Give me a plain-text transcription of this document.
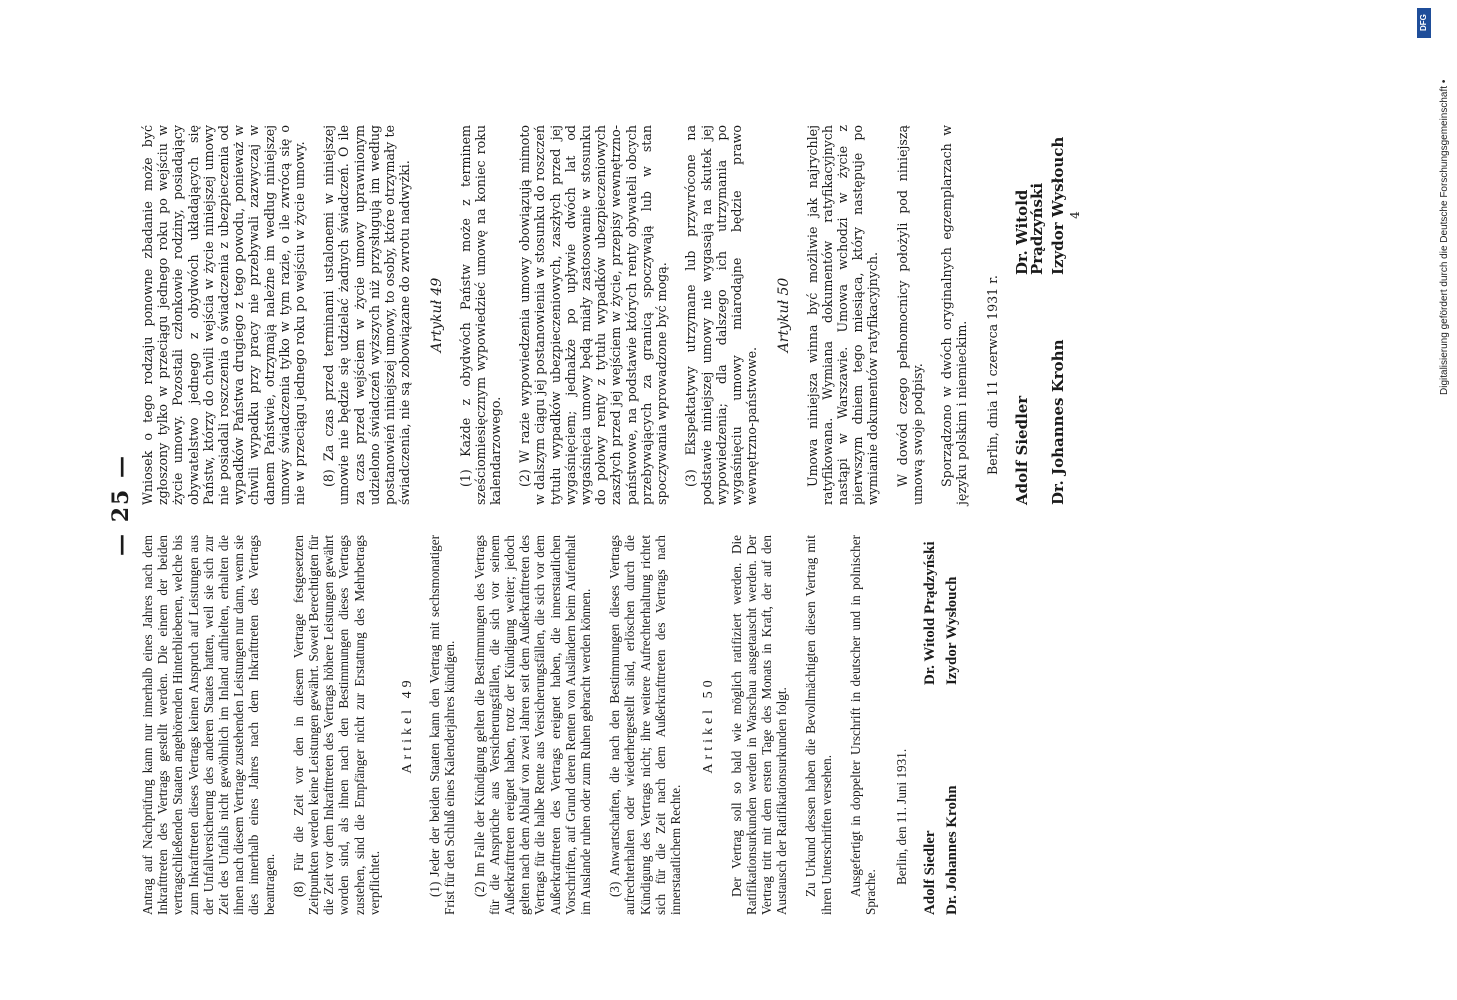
— 25 —

Antrag auf Nachprüfung kann nur innerhalb eines Jahres nach dem Inkrafttreten des Vertrags gestellt werden. Die einem der beiden vertragschließenden Staaten angehörenden Hinterbliebenen, welche bis zum Inkrafttreten dieses Vertrags keinen Anspruch auf Leistungen aus der Unfallversicherung des anderen Staates hatten, weil sie sich zur Zeit des Unfalls nicht gewöhnlich im Inland aufhielten, erhalten die ihnen nach diesem Vertrage zustehenden Leistungen nur dann, wenn sie dies innerhalb eines Jahres nach dem Inkrafttreten des Vertrags beantragen. (8) Für die Zeit vor den in diesem Vertrage festgesetzten Zeitpunkten werden keine Leistungen gewährt. Soweit Berechtigten für die Zeit vor dem Inkrafttreten des Vertrags höhere Leistungen gewährt worden sind, als ihnen nach den Bestimmungen dieses Vertrags zustehen, sind die Empfänger nicht zur Erstattung des Mehrbetrags verpflichtet.

Artikel 49 (1) Jeder der beiden Staaten kann den Vertrag mit sechsmonatiger Frist für den Schluß eines Kalenderjahres kündigen. (2) Im Falle der Kündigung gelten die Bestimmungen des Vertrags für die Ansprüche aus Versicherungsfällen, die sich vor seinem Außerkrafttreten ereignet haben, trotz der Kündigung weiter; jedoch gelten nach dem Ablauf von zwei Jahren seit dem Außerkrafttreten des Vertrags für die halbe Rente aus Versicherungsfällen, die sich vor dem Außerkrafttreten des Vertrags ereignet haben, die innerstaatlichen Vorschriften, auf Grund deren Renten von Ausländern beim Aufenthalt im Auslande ruhen oder zum Ruhen gebracht werden können. (3) Anwartschaften, die nach den Bestimmungen dieses Vertrags aufrechterhalten oder wiederhergestellt sind, erlöschen durch die Kündigung des Vertrags nicht; ihre weitere Aufrechterhaltung richtet sich für die Zeit nach dem Außerkrafttreten des Vertrags nach innerstaatlichem Rechte.

Artikel 50 Der Vertrag soll so bald wie möglich ratifiziert werden. Die Ratifikationsurkunden werden in Warschau ausgetauscht werden. Der Vertrag tritt mit dem ersten Tage des Monats in Kraft, der auf den Austausch der Ratifikationsurkunden folgt. Zu Urkund dessen haben die Bevollmächtigten diesen Vertrag mit ihren Unterschriften versehen. Ausgefertigt in doppelter Urschrift in deutscher und in polnischer Sprache.

Berlin, den 11. Juni 1931. Adolf Siedler
Dr. Witold Prądzyński
Dr. Johannes Krohn
Izydor Wysłouch

Wniosek o tego rodzaju ponowne zbadanie może być zgłoszony tylko w przeciągu jednego roku po wejściu w życie umowy. Pozostali członkowie rodziny, posiadający obywatelstwo jednego z obydwóch układających się Państw, którzy do chwili wejścia w życie niniejszej umowy nie posiadali roszczenia o świadczenia z ubezpieczenia od wypadków Państwa drugiego z tego powodu, ponieważ w chwili wypadku przy pracy nie przebywali zazwyczaj w danem Państwie, otrzymają należne im według niniejszej umowy świadczenia tylko w tym razie, o ile zwrócą się o nie w przeciągu jednego roku po wejściu w życie umowy. (8) Za czas przed terminami ustalonemi w niniejszej umowie nie będzie się udzielać żadnych świadczeń. O ile za czas przed wejściem w życie umowy uprawnionym udzielono świadczeń wyższych niż przysługują im według postanowień niniejszej umowy, to osoby, które otrzymały te świadczenia, nie są zobowiązane do zwrotu nadwyżki. Artykuł 49 (1) Każde z obydwóch Państw może z terminem sześciomiesięcznym wypowiedzieć umowę na koniec roku kalendarzowego. (2) W razie wypowiedzenia umowy obowiązują mimoto w dalszym ciągu jej postanowienia w stosunku do roszczeń tytułu wypadków ubezpieczeniowych, zaszłych przed jej wygaśnięciem; jednakże po upływie dwóch lat od wygaśnięcia umowy będą miały zastosowanie w stosunku do połowy renty z tytułu wypadków ubezpieczeniowych zaszłych przed jej wejściem w życie, przepisy wewnętrzno-państwowe, na podstawie których renty obywateli obcych przebywających za granicą spoczywają lub w stan spoczywania wprowadzone być mogą. (3) Ekspektatywy utrzymane lub przywrócone na podstawie niniejszej umowy nie wygasają na skutek jej wypowiedzenia; dla dalszego ich utrzymania po wygaśnięciu umowy miarodajne będzie prawo wewnętrzno-państwowe.

Artykuł 50 Umowa niniejsza winna być możliwie jak najrychlej ratyfikowana. Wymiana dokumentów ratyfikacyjnych nastąpi w Warszawie. Umowa wchodzi w życie z pierwszym dniem tego miesiąca, który następuje po wymianie dokumentów ratyfikacyjnych. W dowód czego pełnomocnicy położyli pod niniejszą umową swoje podpisy. Sporządzono w dwóch oryginalnych egzemplarzach w języku polskim i niemieckim. Berlin, dnia 11 czerwca 1931 r. Adolf Siedler
Dr. Witold Prądzyński
Dr. Johannes Krohn
Izydor Wysłouch 4	Digitalisierung gefördert durch die Deutsche Forschungsgemeinschaft •
DFG
